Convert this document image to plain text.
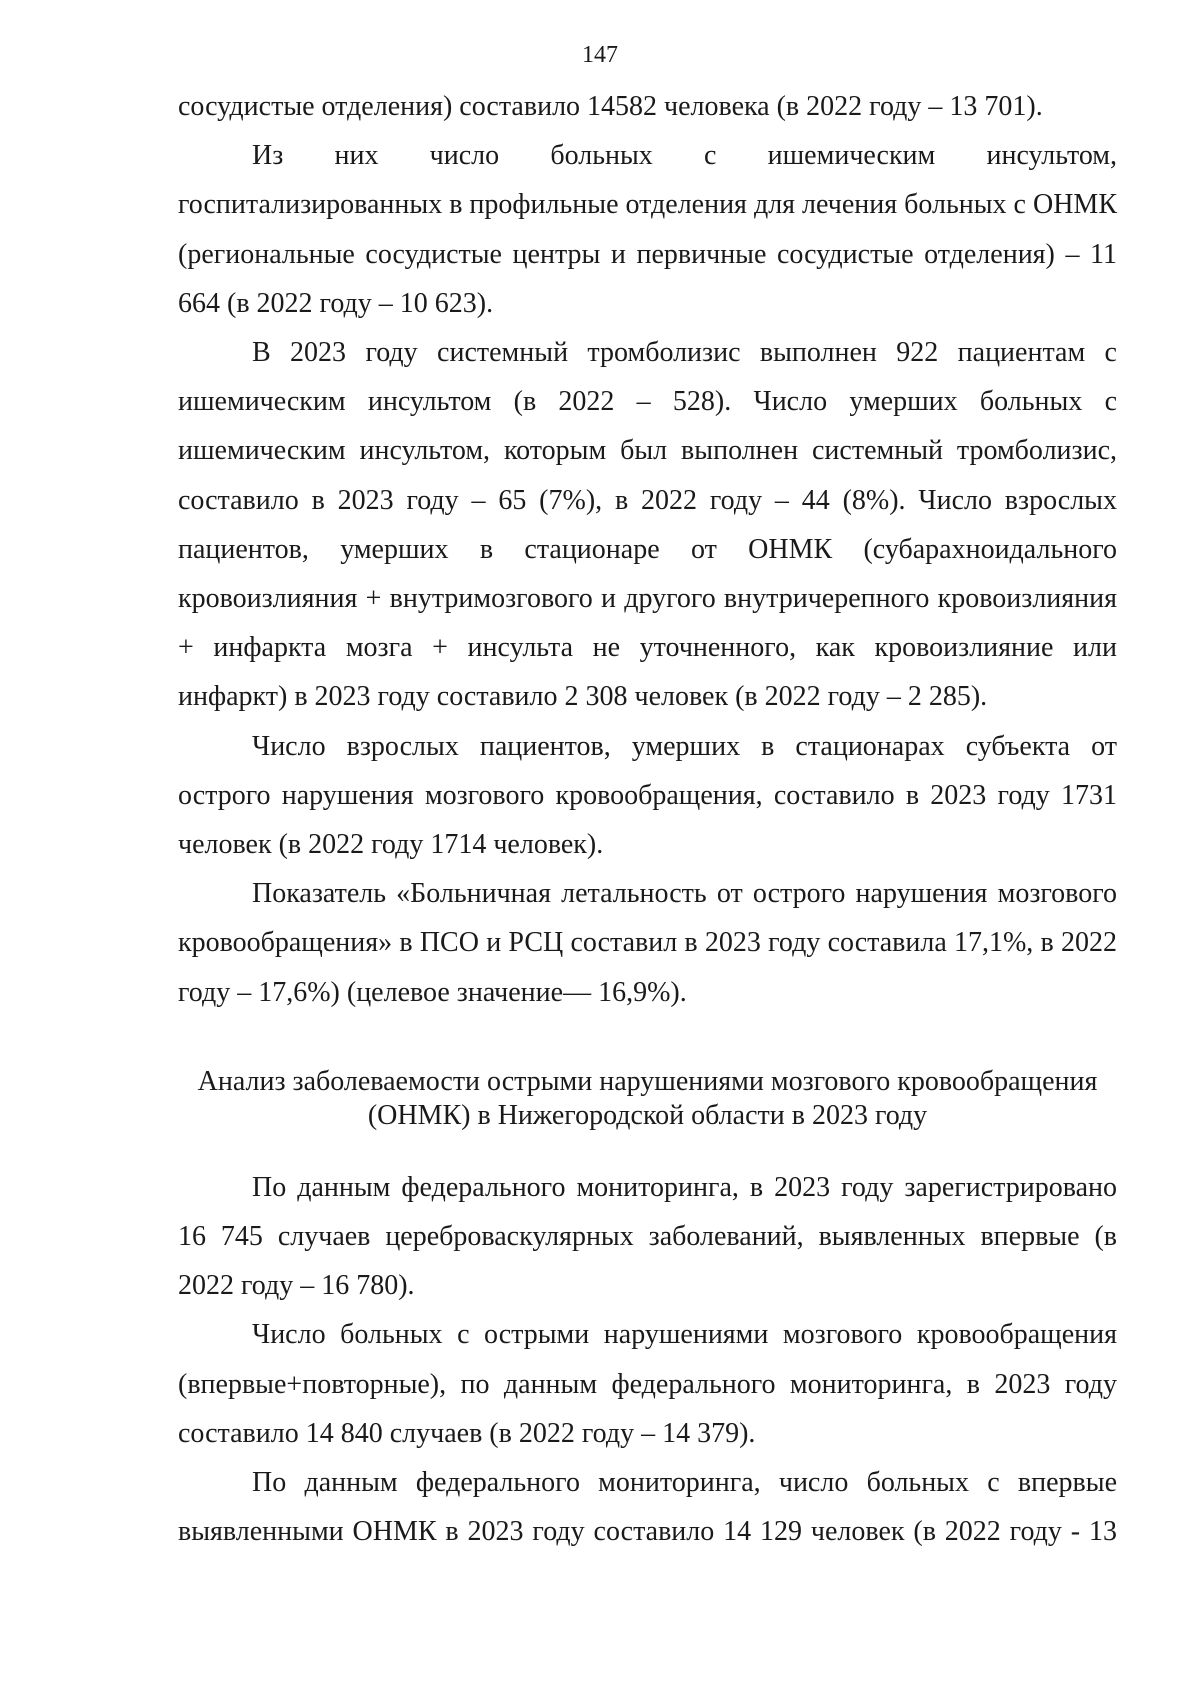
147

сосудистые отделения) составило 14582 человека (в 2022 году – 13 701).

Из них число больных с ишемическим инсультом, госпитализированных в профильные отделения для лечения больных с ОНМК (региональные сосудистые центры и первичные сосудистые отделения) – 11 664 (в 2022 году – 10 623).

В 2023 году системный тромболизис выполнен 922 пациентам с ишемическим инсультом (в 2022 – 528). Число умерших больных с ишемическим инсультом, которым был выполнен системный тромболизис, составило в 2023 году – 65 (7%), в 2022 году – 44 (8%). Число взрослых пациентов, умерших в стационаре от ОНМК (субарахноидального кровоизлияния + внутримозгового и другого внутричерепного кровоизлияния + инфаркта мозга + инсульта не уточненного, как кровоизлияние или инфаркт) в 2023 году составило 2 308 человек (в 2022 году – 2 285).

Число взрослых пациентов, умерших в стационарах субъекта от острого нарушения мозгового кровообращения, составило в 2023 году 1731 человек (в 2022 году 1714 человек).

Показатель «Больничная летальность от острого нарушения мозгового кровообращения» в ПСО и РСЦ составил в 2023 году составила 17,1%, в 2022 году – 17,6%) (целевое значение— 16,9%).

Анализ заболеваемости острыми нарушениями мозгового кровообращения
(ОНМК) в Нижегородской области в 2023 году

По данным федерального мониторинга, в 2023 году зарегистрировано 16 745 случаев цереброваскулярных заболеваний, выявленных впервые (в 2022 году – 16 780).

Число больных с острыми нарушениями мозгового кровообращения (впервые+повторные), по данным федерального мониторинга, в 2023 году составило 14 840 случаев (в 2022 году – 14 379).

По данным федерального мониторинга, число больных с впервые выявленными ОНМК в 2023 году составило 14 129 человек (в 2022 году - 13
